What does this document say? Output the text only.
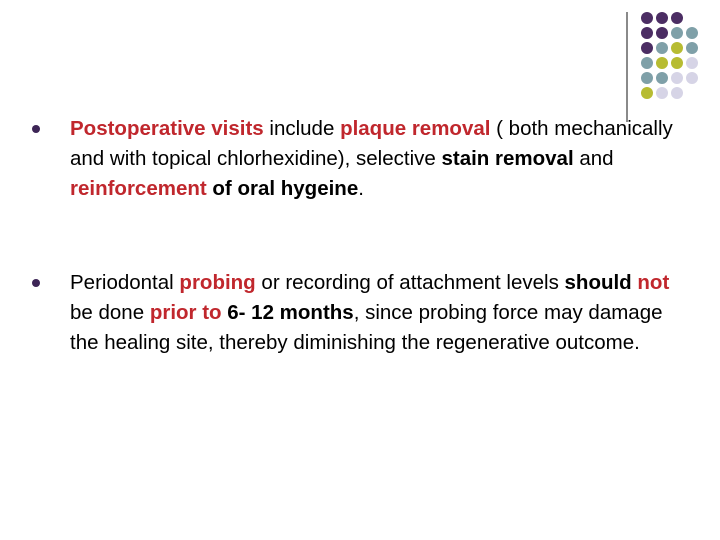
Postoperative visits include plaque removal ( both mechanically and with topical chlorhexidine), selective stain removal and reinforcement of oral hygeine.
Periodontal probing or recording of attachment levels should not be done prior to 6- 12 months, since probing force may damage the healing site, thereby diminishing the regenerative outcome.
